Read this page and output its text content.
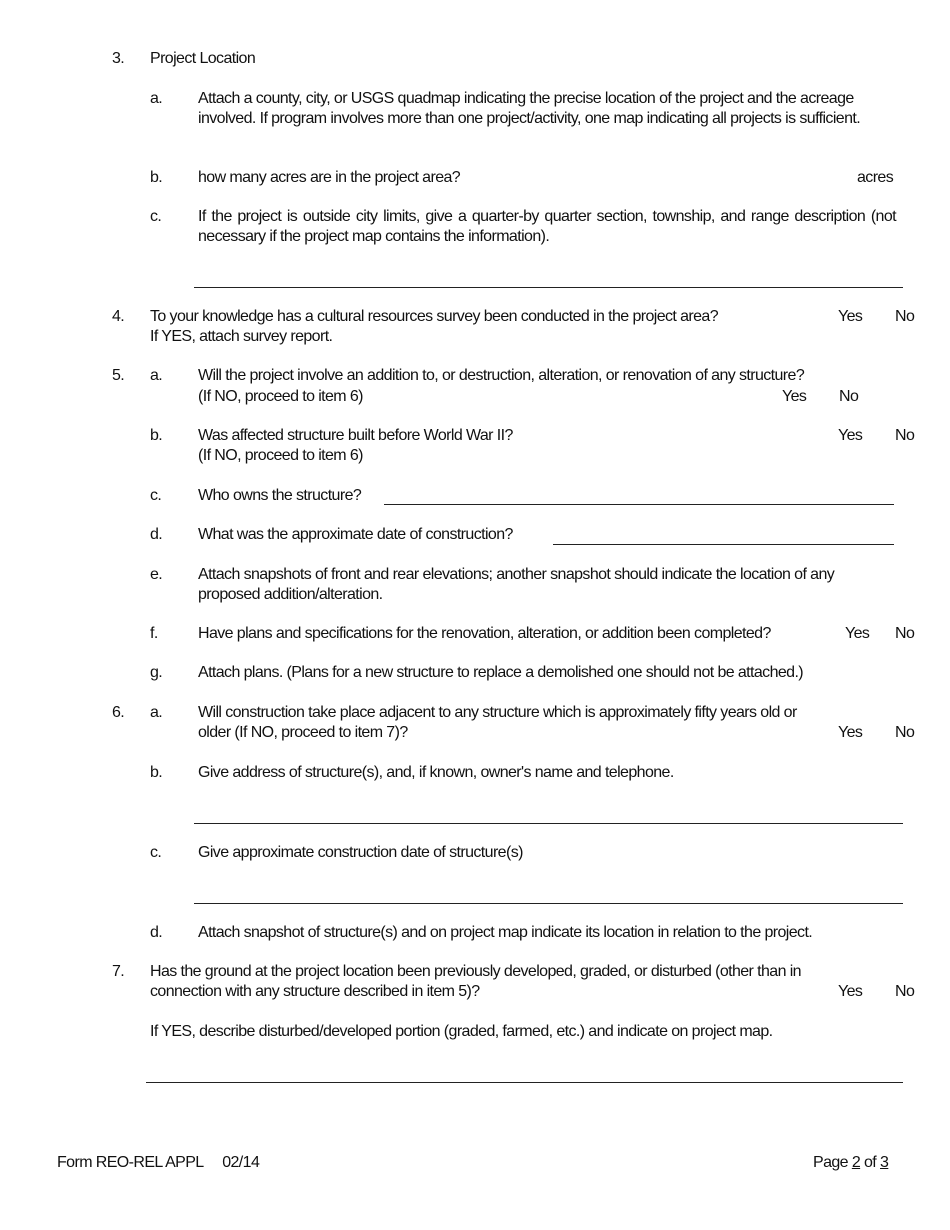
3. Project Location
a. Attach a county, city, or USGS quadmap indicating the precise location of the project and the acreage involved. If program involves more than one project/activity, one map indicating all projects is sufficient.
b. how many acres are in the project area?	acres
c. If the project is outside city limits, give a quarter-by quarter section, township, and range description (not necessary if the project map contains the information).
4. To your knowledge has a cultural resources survey been conducted in the project area?	Yes No
If YES, attach survey report.
5. a. Will the project involve an addition to, or destruction, alteration, or renovation of any structure?
(If NO, proceed to item 6)	Yes No
b. Was affected structure built before World War II?	Yes No
(If NO, proceed to item 6)
c. Who owns the structure?
d. What was the approximate date of construction?
e. Attach snapshots of front and rear elevations; another snapshot should indicate the location of any proposed addition/alteration.
f.	Have plans and specifications for the renovation, alteration, or addition been completed?	Yes No
g. Attach plans. (Plans for a new structure to replace a demolished one should not be attached.)
6. a. Will construction take place adjacent to any structure which is approximately fifty years old or
older (If NO, proceed to item 7)?	Yes No
b. Give address of structure(s), and, if known, owner's name and telephone.
c. Give approximate construction date of structure(s)
d. Attach snapshot of structure(s) and on project map indicate its location in relation to the project.
7. Has the ground at the project location been previously developed, graded, or disturbed (other than in
connection with any structure described in item 5)?	Yes No
If YES, describe disturbed/developed portion (graded, farmed, etc.) and indicate on project map.
Form REO-REL APPL     02/14	Page 2 of 3
